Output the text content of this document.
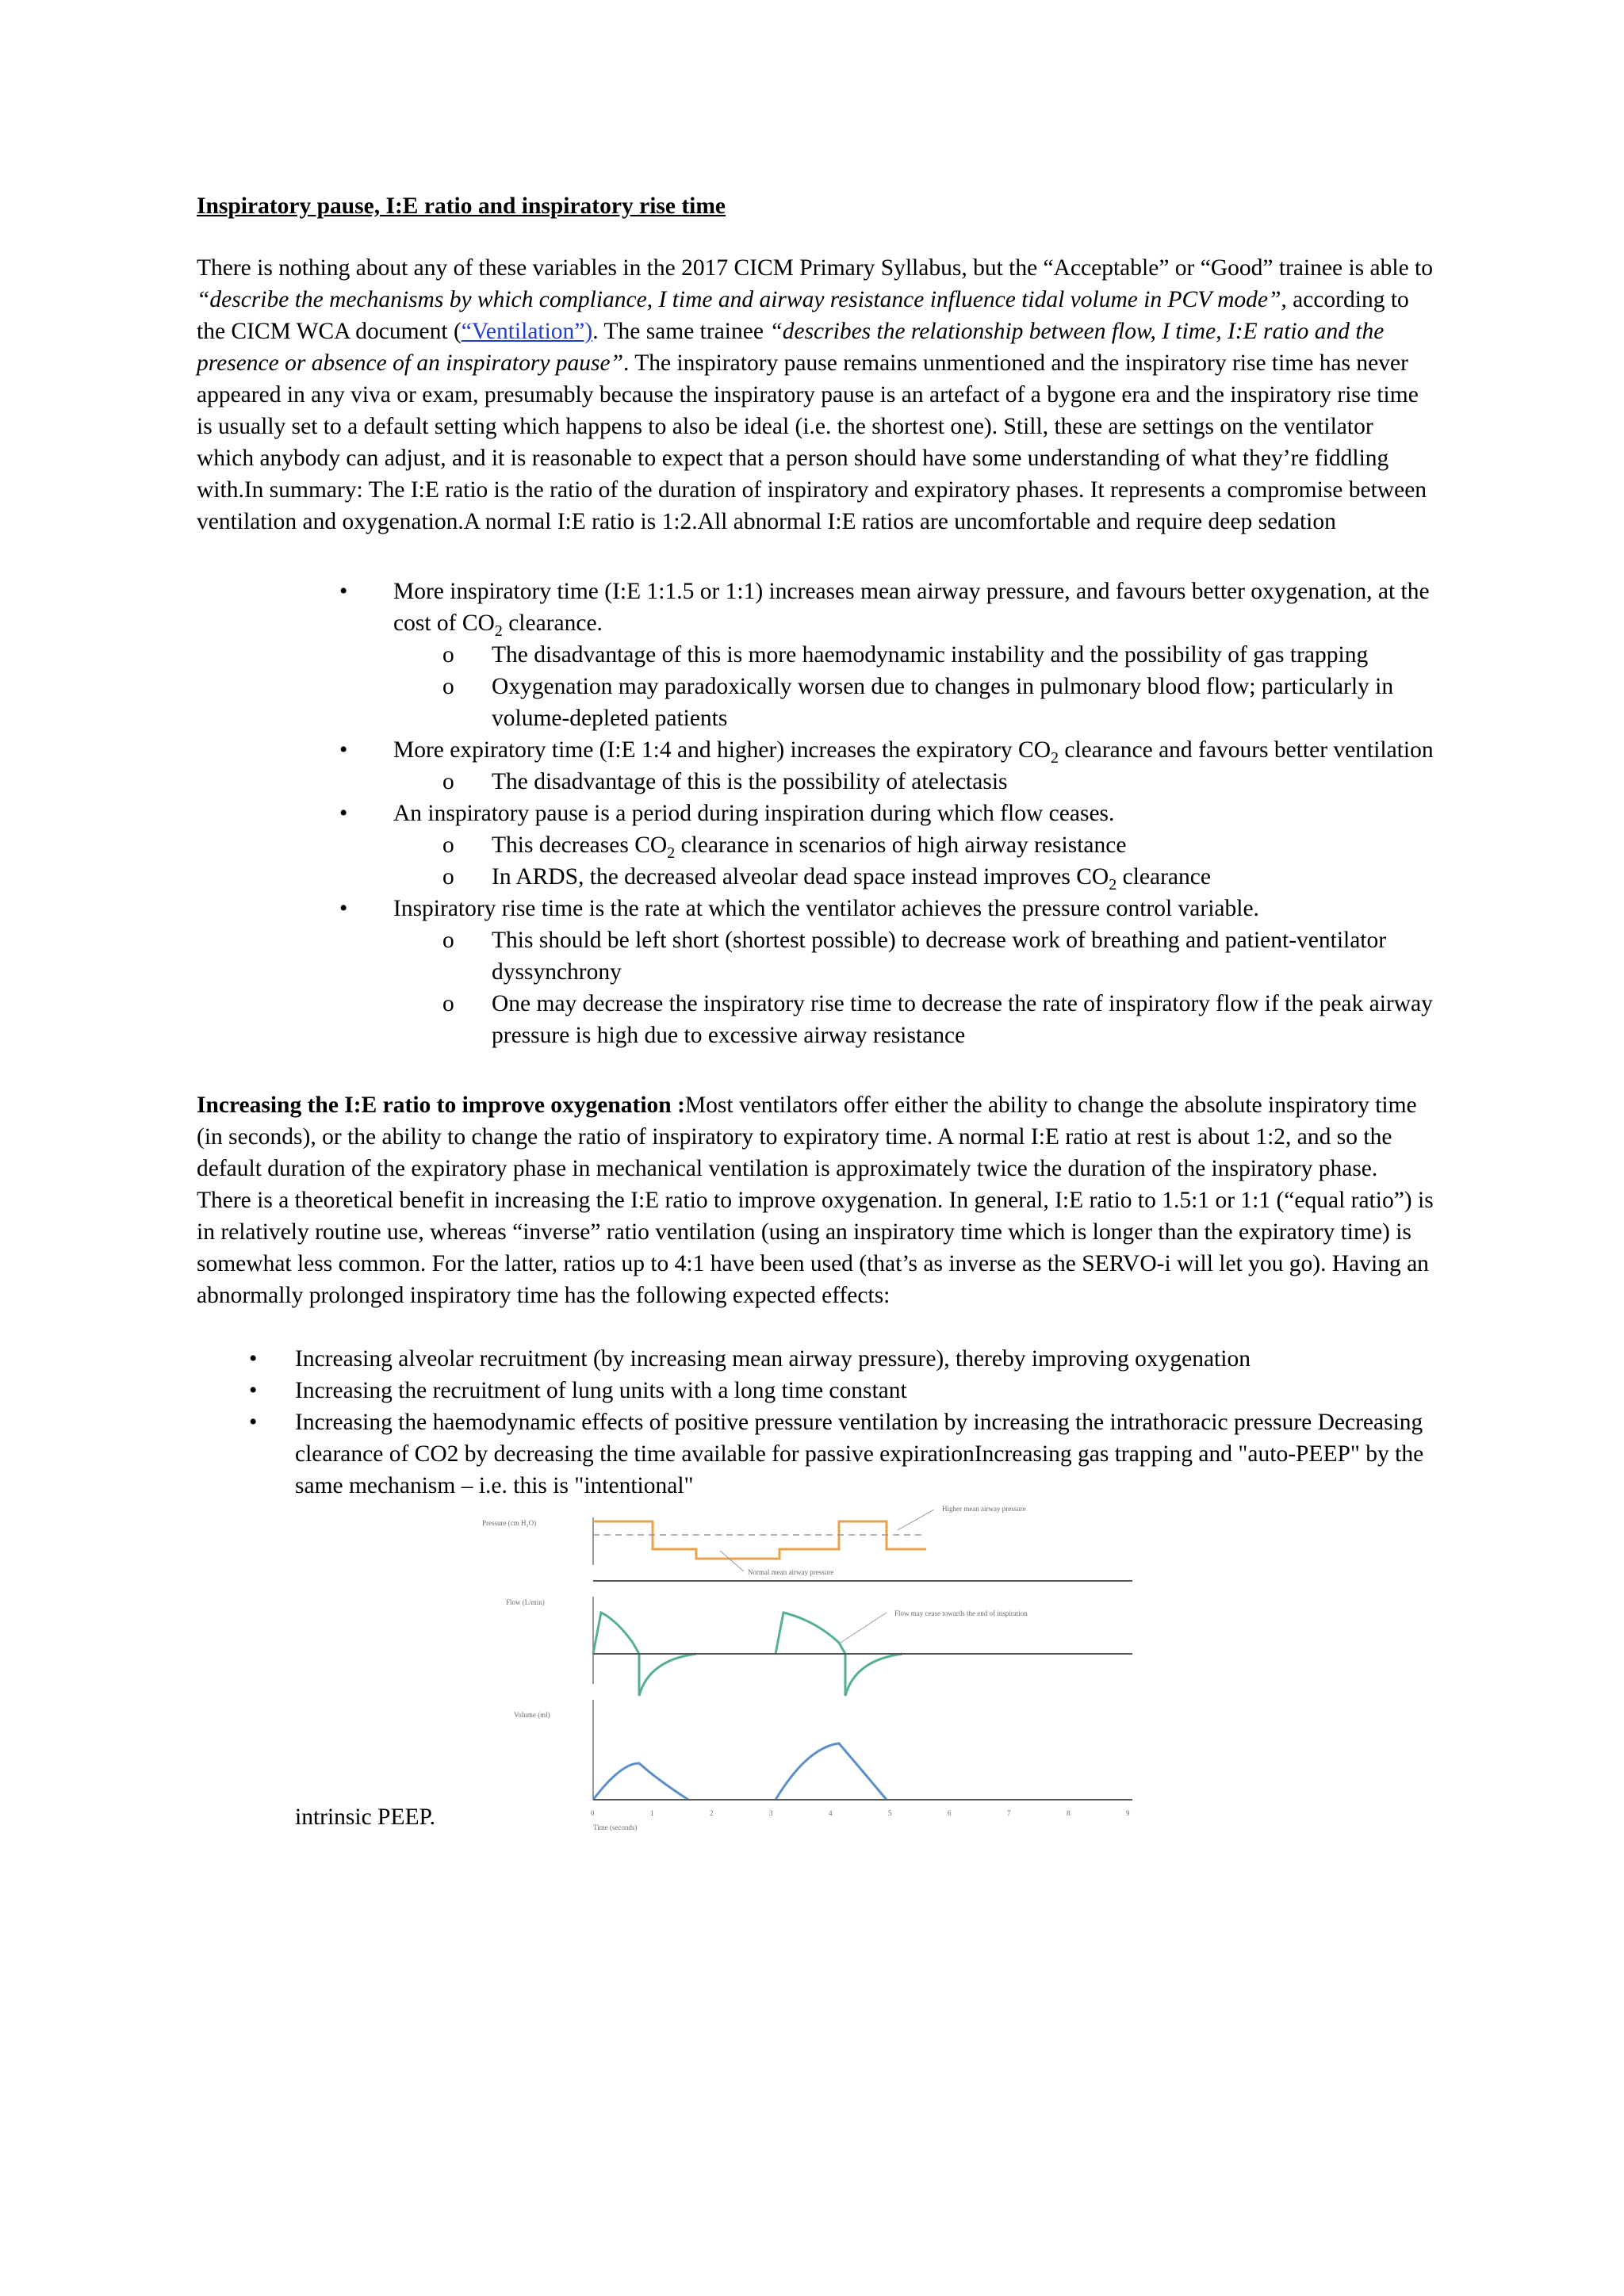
Inspiratory pause, I:E ratio and inspiratory rise time

There is nothing about any of these variables in the 2017 CICM Primary Syllabus, but the “Acceptable” or “Good” trainee is able to “describe the mechanisms by which compliance, I time and airway resistance influence tidal volume in PCV mode”, according to the CICM WCA document (“Ventilation”). The same trainee “describes the relationship between flow, I time, I:E ratio and the presence or absence of an inspiratory pause”. The inspiratory pause remains unmentioned and the inspiratory rise time has never appeared in any viva or exam, presumably because the inspiratory pause is an artefact of a bygone era and the inspiratory rise time is usually set to a default setting which happens to also be ideal (i.e. the shortest one). Still, these are settings on the ventilator which anybody can adjust, and it is reasonable to expect that a person should have some understanding of what they’re fiddling with.In summary: The I:E ratio is the ratio of the duration of inspiratory and expiratory phases. It represents a compromise between ventilation and oxygenation.A normal I:E ratio is 1:2.All abnormal I:E ratios are uncomfortable and require deep sedation

• More inspiratory time (I:E 1:1.5 or 1:1) increases mean airway pressure, and favours better oxygenation, at the cost of $CO_2$ clearance.
o The disadvantage of this is more haemodynamic instability and the possibility of gas trapping
o Oxygenation may paradoxically worsen due to changes in pulmonary blood flow; particularly in volume-depleted patients
• More expiratory time (I:E 1:4 and higher) increases the expiratory $CO_2$ clearance and favours better ventilation
o The disadvantage of this is the possibility of atelectasis
• An inspiratory pause is a period during inspiration during which flow ceases.
o This decreases $CO_2$ clearance in scenarios of high airway resistance
o In ARDS, the decreased alveolar dead space instead improves $CO_2$ clearance
• Inspiratory rise time is the rate at which the ventilator achieves the pressure control variable.
o This should be left short (shortest possible) to decrease work of breathing and patient-ventilator dyssynchrony
o One may decrease the inspiratory rise time to decrease the rate of inspiratory flow if the peak airway pressure is high due to excessive airway resistance

Increasing the I:E ratio to improve oxygenation :Most ventilators offer either the ability to change the absolute inspiratory time (in seconds), or the ability to change the ratio of inspiratory to expiratory time. A normal I:E ratio at rest is about 1:2, and so the default duration of the expiratory phase in mechanical ventilation is approximately twice the duration of the inspiratory phase. There is a theoretical benefit in increasing the I:E ratio to improve oxygenation. In general, I:E ratio to 1.5:1 or 1:1 (“equal ratio”) is in relatively routine use, whereas “inverse” ratio ventilation (using an inspiratory time which is longer than the expiratory time) is somewhat less common. For the latter, ratios up to 4:1 have been used (that’s as inverse as the SERVO-i will let you go). Having an abnormally prolonged inspiratory time has the following expected effects:

• Increasing alveolar recruitment (by increasing mean airway pressure), thereby improving oxygenation
• Increasing the recruitment of lung units with a long time constant
• Increasing the haemodynamic effects of positive pressure ventilation by increasing the intrathoracic pressure Decreasing clearance of CO2 by decreasing the time available for passive expirationIncreasing gas trapping and "auto-PEEP" by the same mechanism – i.e. this is "intentional"
intrinsic PEEP.
Pressure (cm H₂O)
Higher mean airway pressure
Normal mean airway pressure
Flow (L/min)
Flow may cease towards the end of inspiration
Volume (ml)
0	1	2	3	4	5	6	7	8	9
Time (seconds)
